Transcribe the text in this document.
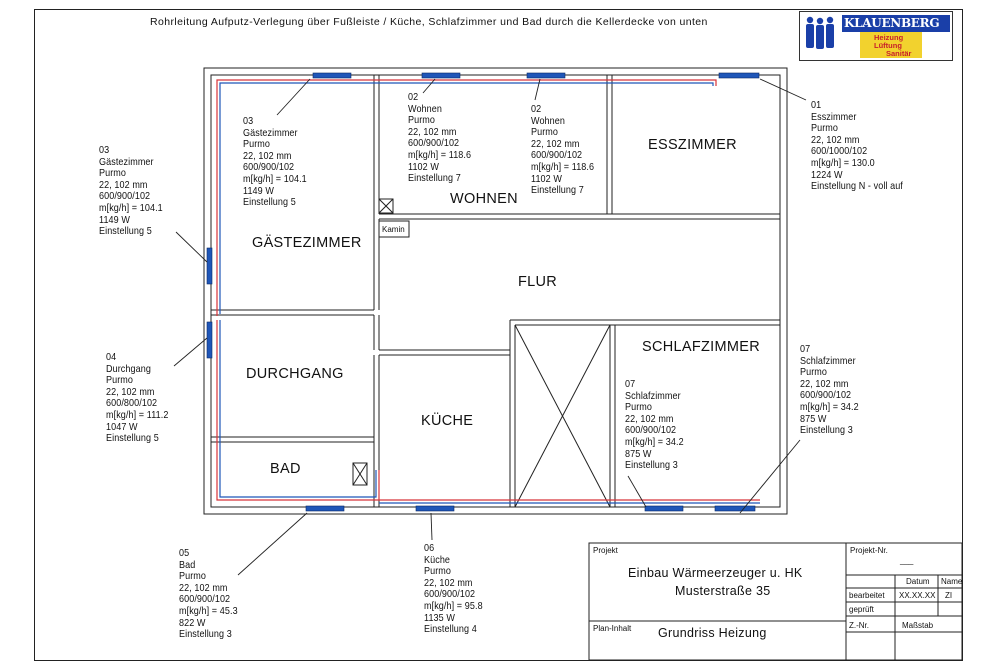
Rohrleitung Aufputz-Verlegung über Fußleiste / Küche, Schlafzimmer und Bad durch die Kellerdecke von unten	KLAUENBERG
Heizung
Lüftung
Sanitär
GÄSTEZIMMER
WOHNEN
ESSZIMMER
FLUR
SCHLAFZIMMER
DURCHGANG
KÜCHE
BAD
Kamin
01
Esszimmer
Purmo
22, 102 mm
600/1000/102
m[kg/h] = 130.0
1224 W
Einstellung N - voll auf
02
Wohnen
Purmo
22, 102 mm
600/900/102
m[kg/h] = 118.6
1102 W
Einstellung 7
02
Wohnen
Purmo
22, 102 mm
600/900/102
m[kg/h] = 118.6
1102 W
Einstellung 7
03
Gästezimmer
Purmo
22, 102 mm
600/900/102
m[kg/h] = 104.1
1149 W
Einstellung 5
03
Gästezimmer
Purmo
22, 102 mm
600/900/102
m[kg/h] = 104.1
1149 W
Einstellung 5
04
Durchgang
Purmo
22, 102 mm
600/800/102
m[kg/h] = 111.2
1047 W
Einstellung 5
05
Bad
Purmo
22, 102 mm
600/900/102
m[kg/h] = 45.3
822 W
Einstellung 3
06
Küche
Purmo
22, 102 mm
600/900/102
m[kg/h] = 95.8
1135 W
Einstellung 4
07
Schlafzimmer
Purmo
22, 102 mm
600/900/102
m[kg/h] = 34.2
875 W
Einstellung 3
07
Schlafzimmer
Purmo
22, 102 mm
600/900/102
m[kg/h] = 34.2
875 W
Einstellung 3
Projekt
Einbau Wärmeerzeuger u. HK
Musterstraße 35
Plan-Inhalt Grundriss Heizung
Projekt-Nr.
___
Datum Name
bearbeitet XX.XX.XX ZI
geprüft
Z.-Nr.	Maßstab
